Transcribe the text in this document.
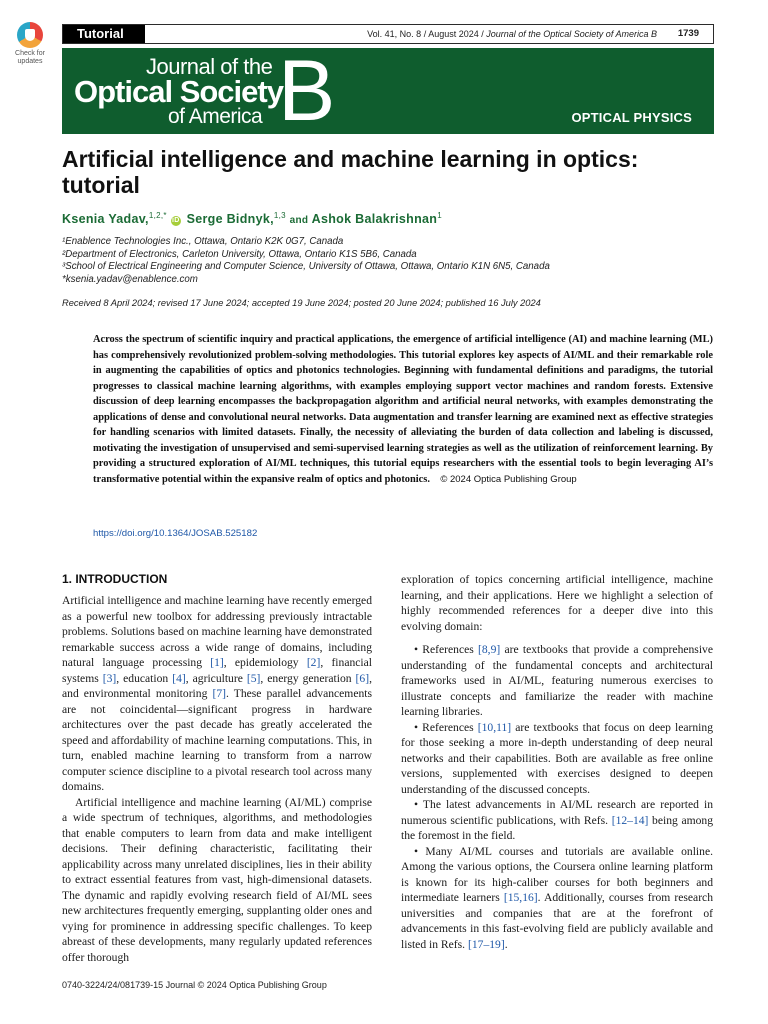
Check for updates
Tutorial	Vol. 41, No. 8 / August 2024 / Journal of the Optical Society of America B 1739
Journal of the
Optical Society
of America B	OPTICAL PHYSICS
Artificial intelligence and machine learning in optics: tutorial
Ksenia Yadav,$^{1,2,*}$iD Serge Bidnyk,$^{1,3}$ and Ashok Balakrishnan$^1$
¹Enablence Technologies Inc., Ottawa, Ontario K2K 0G7, Canada
²Department of Electronics, Carleton University, Ottawa, Ontario K1S 5B6, Canada
³School of Electrical Engineering and Computer Science, University of Ottawa, Ottawa, Ontario K1N 6N5, Canada
*ksenia.yadav@enablence.com
Received 8 April 2024; revised 17 June 2024; accepted 19 June 2024; posted 20 June 2024; published 16 July 2024

Across the spectrum of scientific inquiry and practical applications, the emergence of artificial intelligence (AI) and machine learning (ML) has comprehensively revolutionized problem-solving methodologies. This tutorial explores key aspects of AI/ML and their remarkable role in augmenting the capabilities of optics and photonics technologies. Beginning with fundamental definitions and paradigms, the tutorial progresses to classical machine learning algorithms, with examples employing support vector machines and random forests. Extensive discussion of deep learning encompasses the backpropagation algorithm and artificial neural networks, with examples demonstrating the applications of dense and convolutional neural networks. Data augmentation and transfer learning are examined next as effective strategies for handling scenarios with limited datasets. Finally, the necessity of alleviating the burden of data collection and labeling is discussed, motivating the investigation of unsupervised and semi-supervised learning strategies as well as the utilization of reinforcement learning. By providing a structured exploration of AI/ML techniques, this tutorial equips researchers with the essential tools to begin leveraging AI’s transformative potential within the expansive realm of optics and photonics. © 2024 Optica Publishing Group

https://doi.org/10.1364/JOSAB.525182
1. INTRODUCTION

Artificial intelligence and machine learning have recently emerged as a powerful new toolbox for addressing previously intractable problems. Solutions based on machine learning have demonstrated remarkable success across a wide range of domains, including natural language processing [1], epidemiology [2], financial systems [3], education [4], agriculture [5], energy generation [6], and environmental monitoring [7]. These parallel advancements are not coincidental—significant progress in hardware architectures over the past decade has greatly accelerated the speed and affordability of machine learning computations. This, in turn, enabled machine learning to transform from a narrow computer science discipline to a pivotal research tool across many domains.

Artificial intelligence and machine learning (AI/ML) comprise a wide spectrum of techniques, algorithms, and methodologies that enable computers to learn from data and make intelligent decisions. Their defining characteristic, facilitating their applicability across many unrelated disciplines, lies in their ability to extract essential features from vast, high-dimensional datasets. The dynamic and rapidly evolving research field of AI/ML sees new architectures frequently emerging, supplanting older ones and vying for prominence in addressing specific challenges. To keep abreast of these developments, many regularly updated references offer thorough

exploration of topics concerning artificial intelligence, machine learning, and their applications. Here we highlight a selection of highly recommended references for a deeper dive into this evolving domain:

• References [8,9] are textbooks that provide a comprehensive understanding of the fundamental concepts and architectural frameworks used in AI/ML, featuring numerous exercises to illustrate concepts and familiarize the reader with machine learning libraries.

• References [10,11] are textbooks that focus on deep learning for those seeking a more in-depth understanding of deep neural networks and their capabilities. Both are available as free online versions, supplemented with exercises designed to deepen understanding of the discussed concepts.

• The latest advancements in AI/ML research are reported in numerous scientific publications, with Refs. [12–14] being among the foremost in the field.

• Many AI/ML courses and tutorials are available online. Among the various options, the Coursera online learning platform is known for its high-caliber courses for both beginners and intermediate learners [15,16]. Additionally, courses from research universities and companies that are at the forefront of advancements in this fast-evolving field are publicly available and listed in Refs. [17–19].

0740-3224/24/081739-15 Journal © 2024 Optica Publishing Group
